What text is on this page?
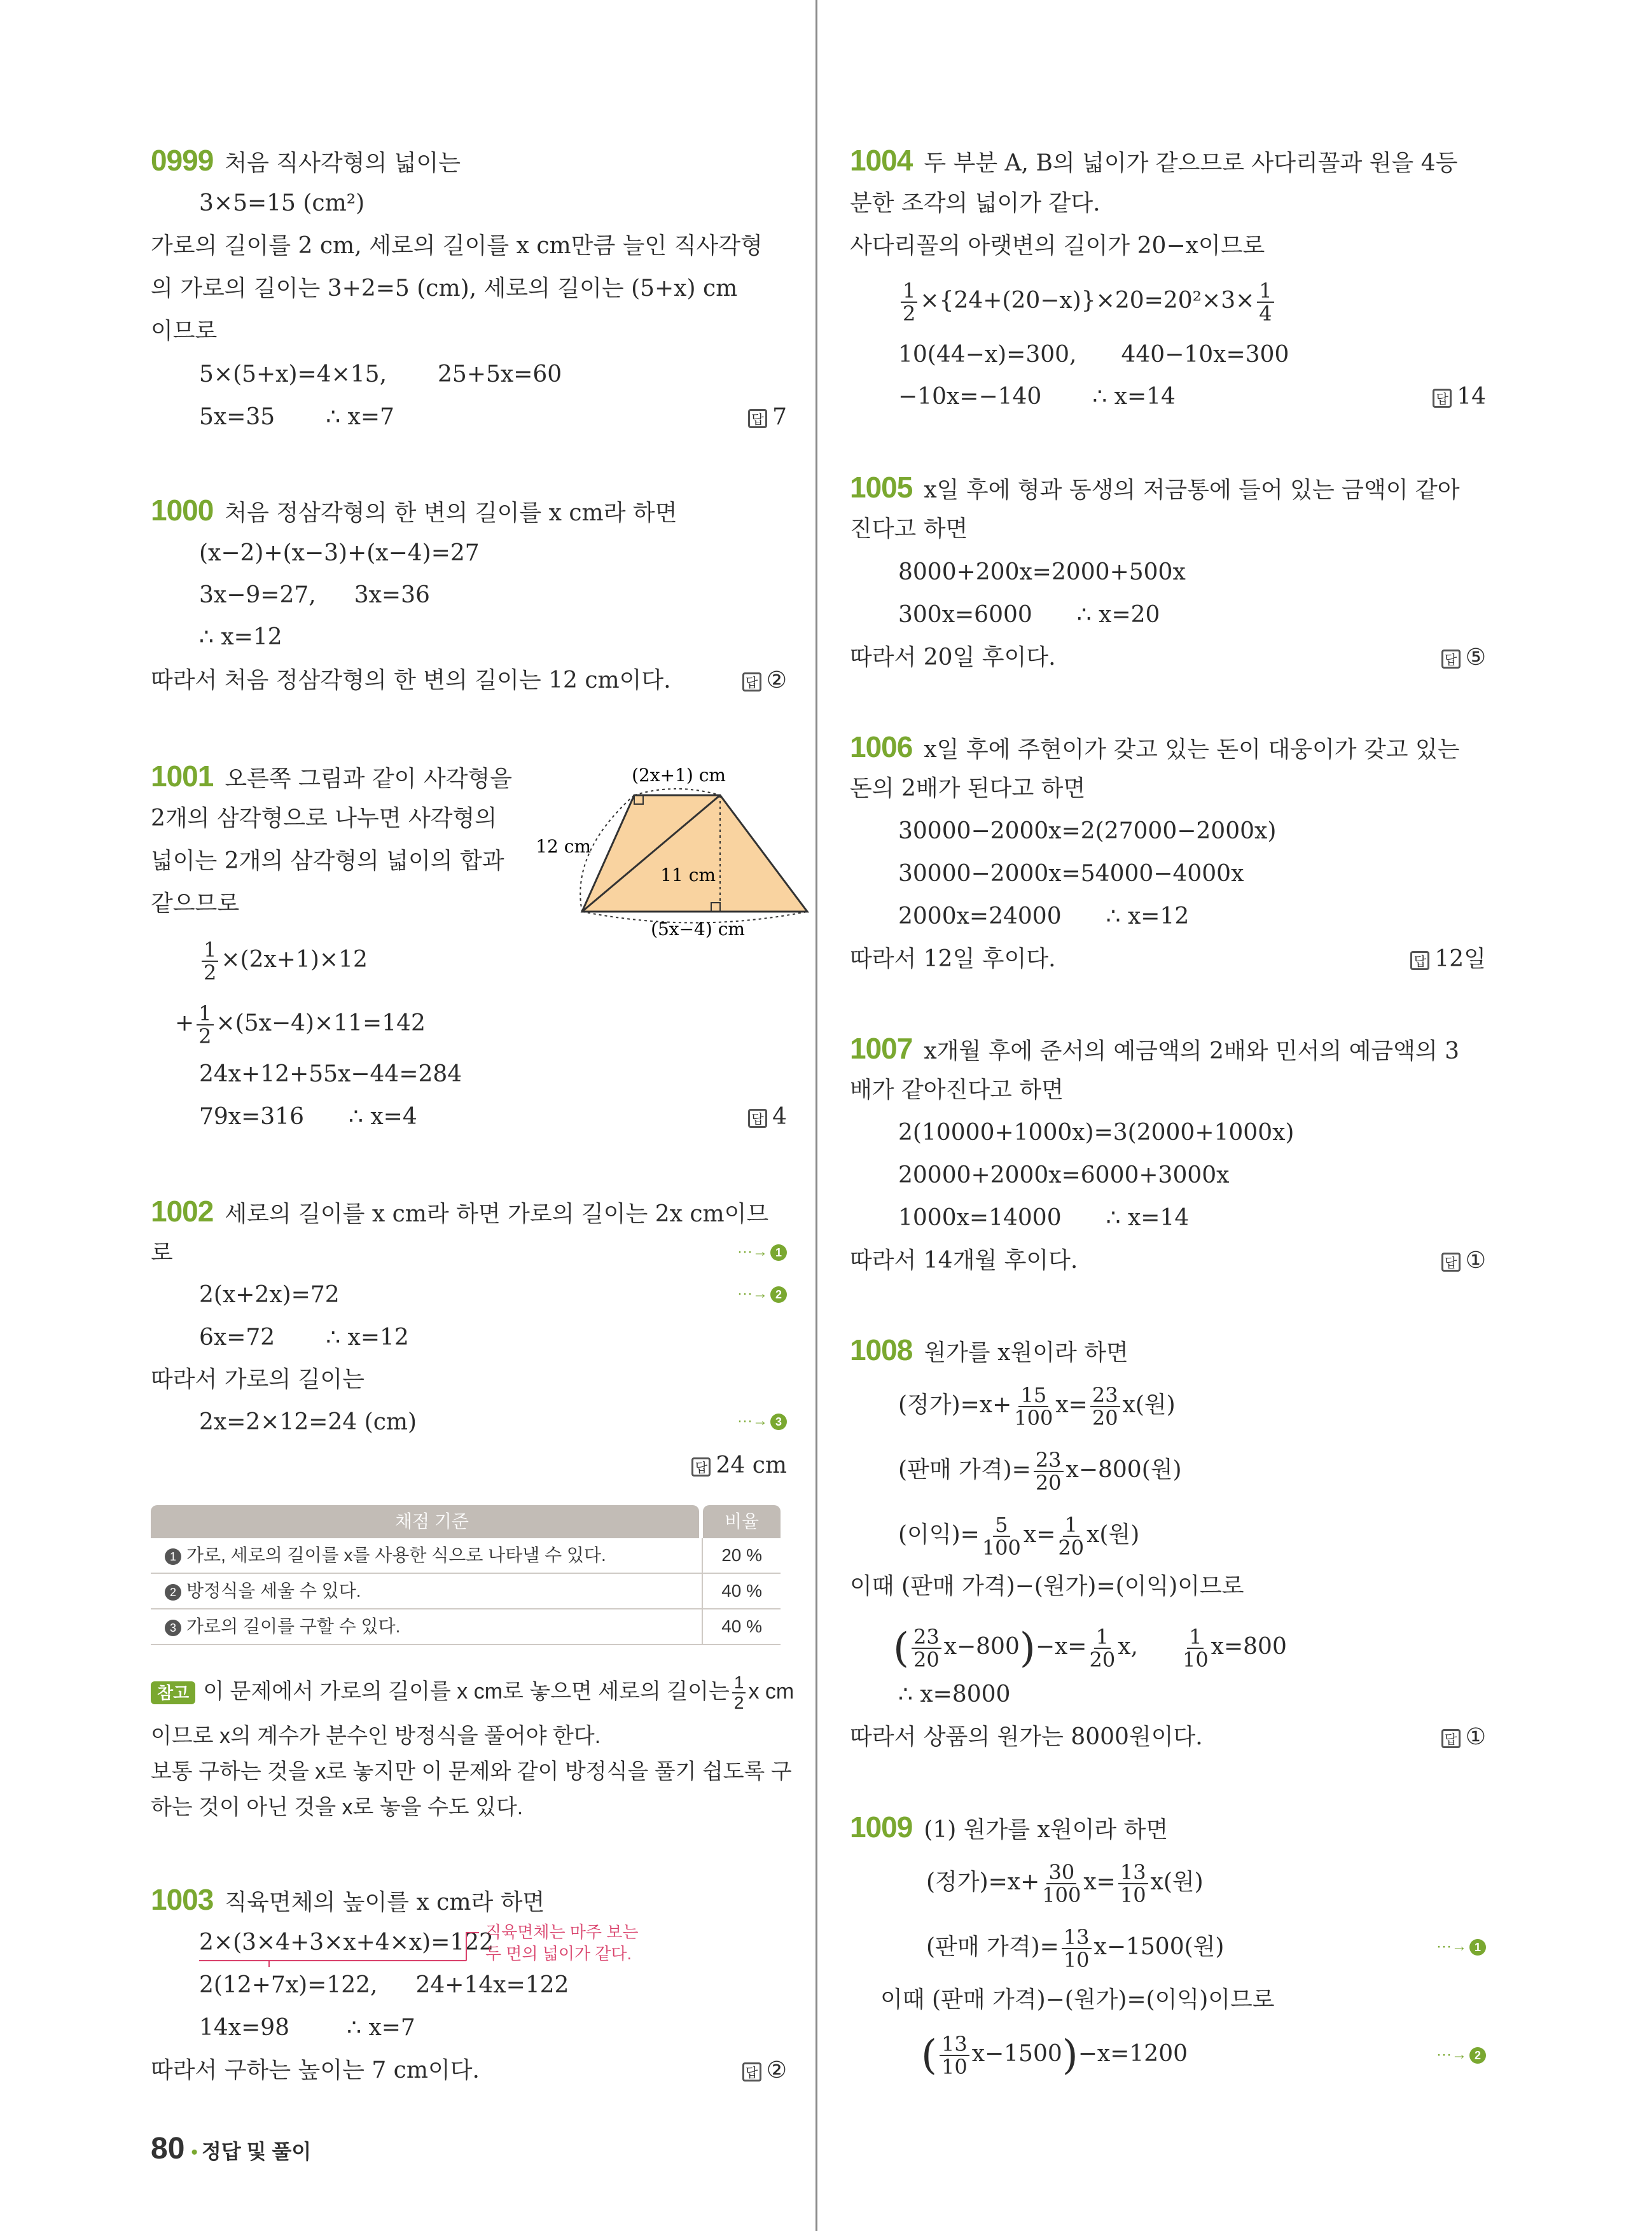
0999 처음 직사각형의 넓이는
3×5=15 (cm²)
가로의 길이를 2 cm, 세로의 길이를 x cm만큼 늘인 직사각형
의 가로의 길이는 3+2=5 (cm), 세로의 길이는 (5+x) cm
이므로
5×(5+x)=4×15, 25+5x=60
5x=35 ∴ x=7	답 7
1000 처음 정삼각형의 한 변의 길이를 x cm라 하면
(x−2)+(x−3)+(x−4)=27
3x−9=27, 3x=36
∴ x=12
따라서 처음 정삼각형의 한 변의 길이는 12 cm이다.	답 ②
1001 오른쪽 그림과 같이 사각형을
2개의 삼각형으로 나누면 사각형의
넓이는 2개의 삼각형의 넓이의 합과
같으므로
(2x+1) cm
12 cm
11 cm
(5x−4) cm
$\frac{1}{2} \times(2x+1)\times 12$
+ $\frac{1}{2} \times(5x-4)\times 11=142$
24x+12+55x−44=284
79x=316 ∴ x=4	답 4
1002 세로의 길이를 x cm라 하면 가로의 길이는 2x cm이므
로	···→ 1
2(x+2x)=72	···→ 2
6x=72 ∴ x=12
따라서 가로의 길이는
2x=2×12=24 (cm)	···→ 3
답 24 cm
채점 기준	비율
1 가로, 세로의 길이를 x를 사용한 식으로 나타낼 수 있다.	20 %
2 방정식을 세울 수 있다.	40 %
3 가로의 길이를 구할 수 있다.	40 %
참고 이 문제에서 가로의 길이를 x cm로 놓으면 세로의 길이는 $\frac{1}{2}$ x cm
이므로 x의 계수가 분수인 방정식을 풀어야 한다.
보통 구하는 것을 x로 놓지만 이 문제와 같이 방정식을 풀기 쉽도록 구
하는 것이 아닌 것을 x로 놓을 수도 있다.
1003 직육면체의 높이를 x cm라 하면
2×(3×4+3×x+4×x)=122
직육면체는 마주 보는
두 면의 넓이가 같다.
2(12+7x)=122, 24+14x=122
14x=98	∴ x=7
따라서 구하는 높이는 7 cm이다.	답 ②
1004 두 부분 A, B의 넓이가 같으므로 사다리꼴과 원을 4등
분한 조각의 넓이가 같다.
사다리꼴의 아랫변의 길이가 20−x이므로
$\frac{1}{2} \times\{24+(20-x)\}\times 20=20^2\times 3\times \frac{1}{4}$
10(44−x)=300, 440−10x=300
−10x=−140 ∴ x=14	답 14
1005 x일 후에 형과 동생의 저금통에 들어 있는 금액이 같아
진다고 하면
8000+200x=2000+500x
300x=6000 ∴ x=20
따라서 20일 후이다.	답 ⑤
1006 x일 후에 주현이가 갖고 있는 돈이 대웅이가 갖고 있는
돈의 2배가 된다고 하면
30000−2000x=2(27000−2000x)
30000−2000x=54000−4000x
2000x=24000 ∴ x=12
따라서 12일 후이다.	답 12일
1007 x개월 후에 준서의 예금액의 2배와 민서의 예금액의 3
배가 같아진다고 하면
2(10000+1000x)=3(2000+1000x)
20000+2000x=6000+3000x
1000x=14000 ∴ x=14
따라서 14개월 후이다.	답 ①
1008 원가를 x원이라 하면
(정가)$=x+ \frac{15}{100} x= \frac{23}{20} x$(원)
(판매 가격)= $\frac{23}{20} x-800$(원)
(이익)= $\frac{5}{100} x= \frac{1}{20} x$(원)
이때 (판매 가격)−(원가)=(이익)이므로
( $\frac{23}{20} x-800)-x= \frac{1}{20} x$, $\frac{1}{10} x=800$
∴ x=8000
따라서 상품의 원가는 8000원이다.	답 ①
1009 (1) 원가를 x원이라 하면
(정가)$=x+ \frac{30}{100} x= \frac{13}{10} x$(원)
(판매 가격)= $\frac{13}{10} x-1500$(원)	···→ 1
이때 (판매 가격)−(원가)=(이익)이므로
( $\frac{13}{10} x-1500)-x=1200$	···→ 2
80 • 정답 및 풀이
